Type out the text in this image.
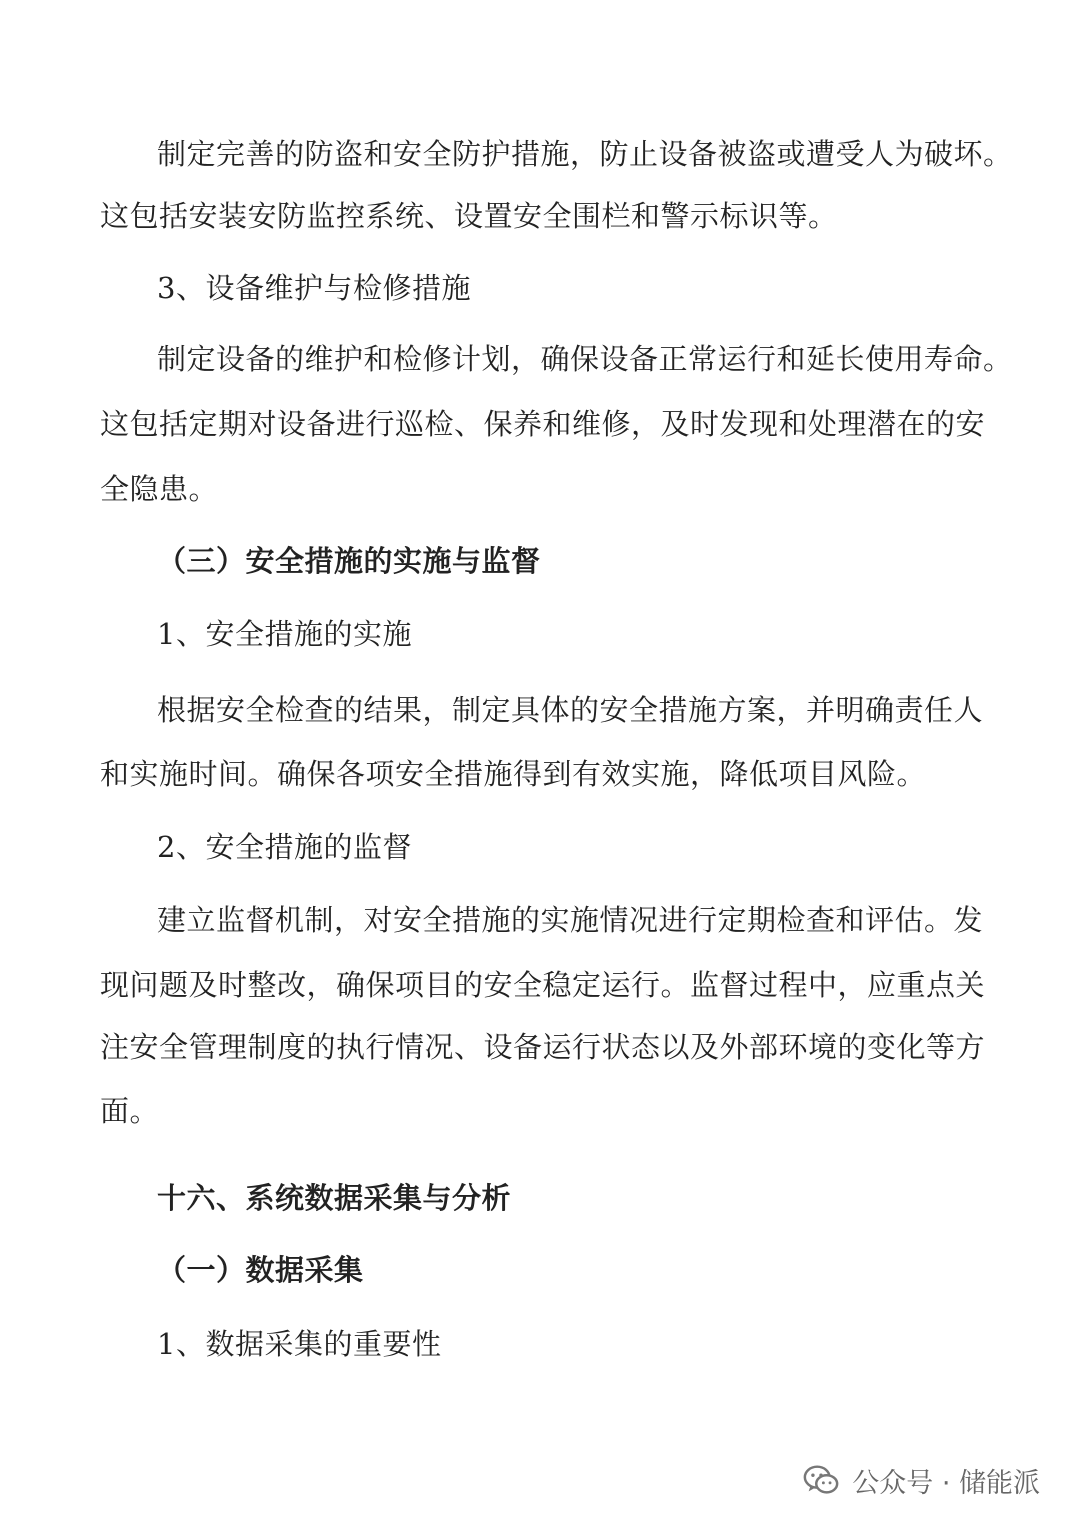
制定完善的防盗和安全防护措施，防止设备被盗或遭受人为破坏。
这包括安装安防监控系统、设置安全围栏和警示标识等。
3、设备维护与检修措施
制定设备的维护和检修计划，确保设备正常运行和延长使用寿命。
这包括定期对设备进行巡检、保养和维修，及时发现和处理潜在的安
全隐患。
（三）安全措施的实施与监督
1、安全措施的实施
根据安全检查的结果，制定具体的安全措施方案，并明确责任人
和实施时间。确保各项安全措施得到有效实施，降低项目风险。
2、安全措施的监督
建立监督机制，对安全措施的实施情况进行定期检查和评估。发
现问题及时整改，确保项目的安全稳定运行。监督过程中，应重点关
注安全管理制度的执行情况、设备运行状态以及外部环境的变化等方
面。
十六、系统数据采集与分析
（一）数据采集
1、数据采集的重要性
公众号 · 储能派
